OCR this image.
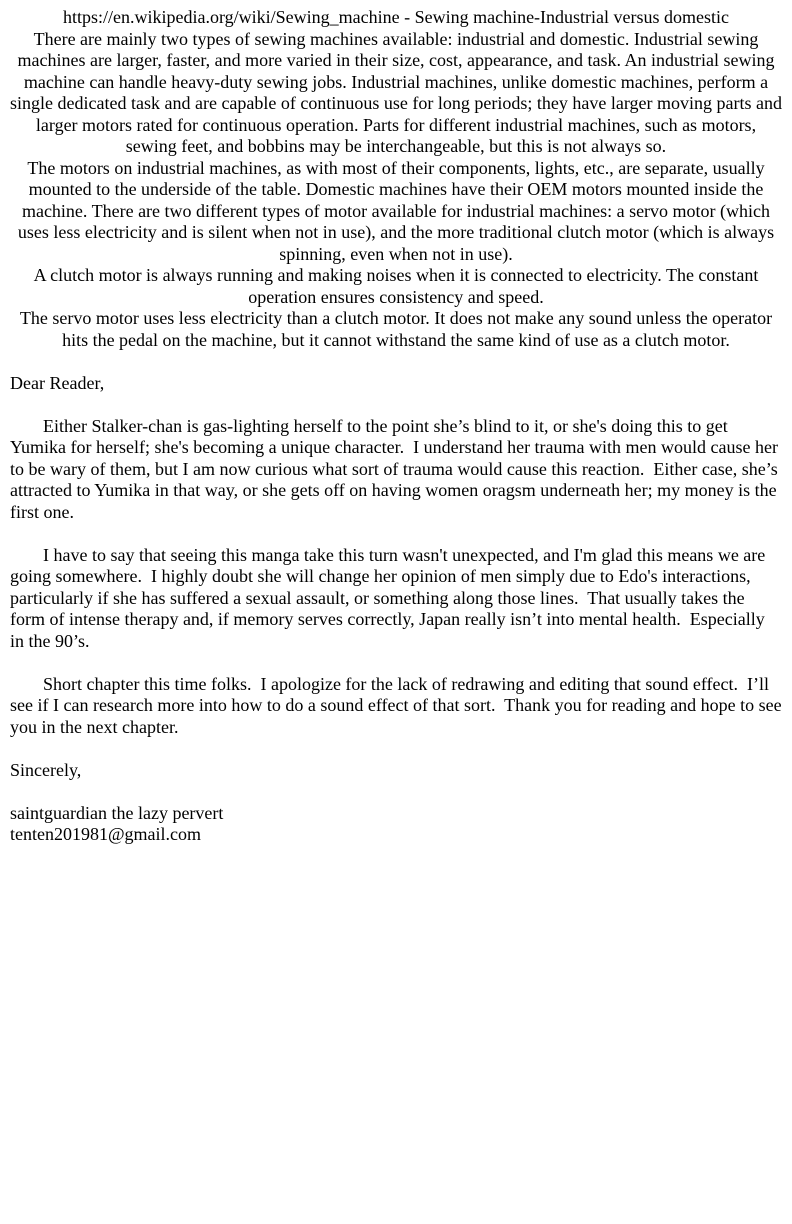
https://en.wikipedia.org/wiki/Sewing_machine - Sewing machine-Industrial versus domestic

There are mainly two types of sewing machines available: industrial and domestic. Industrial sewing machines are larger, faster, and more varied in their size, cost, appearance, and task. An industrial sewing machine can handle heavy-duty sewing jobs. Industrial machines, unlike domestic machines, perform a single dedicated task and are capable of continuous use for long periods; they have larger moving parts and larger motors rated for continuous operation. Parts for different industrial machines, such as motors, sewing feet, and bobbins may be interchangeable, but this is not always so.

The motors on industrial machines, as with most of their components, lights, etc., are separate, usually mounted to the underside of the table. Domestic machines have their OEM motors mounted inside the machine. There are two different types of motor available for industrial machines: a servo motor (which uses less electricity and is silent when not in use), and the more traditional clutch motor (which is always spinning, even when not in use).

A clutch motor is always running and making noises when it is connected to electricity. The constant operation ensures consistency and speed.

The servo motor uses less electricity than a clutch motor. It does not make any sound unless the operator hits the pedal on the machine, but it cannot withstand the same kind of use as a clutch motor.

Dear Reader,

Either Stalker-chan is gas-lighting herself to the point she’s blind to it, or she's doing this to get Yumika for herself; she's becoming a unique character.  I understand her trauma with men would cause her to be wary of them, but I am now curious what sort of trauma would cause this reaction.  Either case, she’s attracted to Yumika in that way, or she gets off on having women oragsm underneath her; my money is the first one.

I have to say that seeing this manga take this turn wasn't unexpected, and I'm glad this means we are going somewhere.  I highly doubt she will change her opinion of men simply due to Edo's interactions, particularly if she has suffered a sexual assault, or something along those lines.  That usually takes the form of intense therapy and, if memory serves correctly, Japan really isn’t into mental health.  Especially in the 90’s.

Short chapter this time folks.  I apologize for the lack of redrawing and editing that sound effect.  I’ll see if I can research more into how to do a sound effect of that sort.  Thank you for reading and hope to see you in the next chapter.

Sincerely,

saintguardian the lazy pervert

tenten201981@gmail.com
